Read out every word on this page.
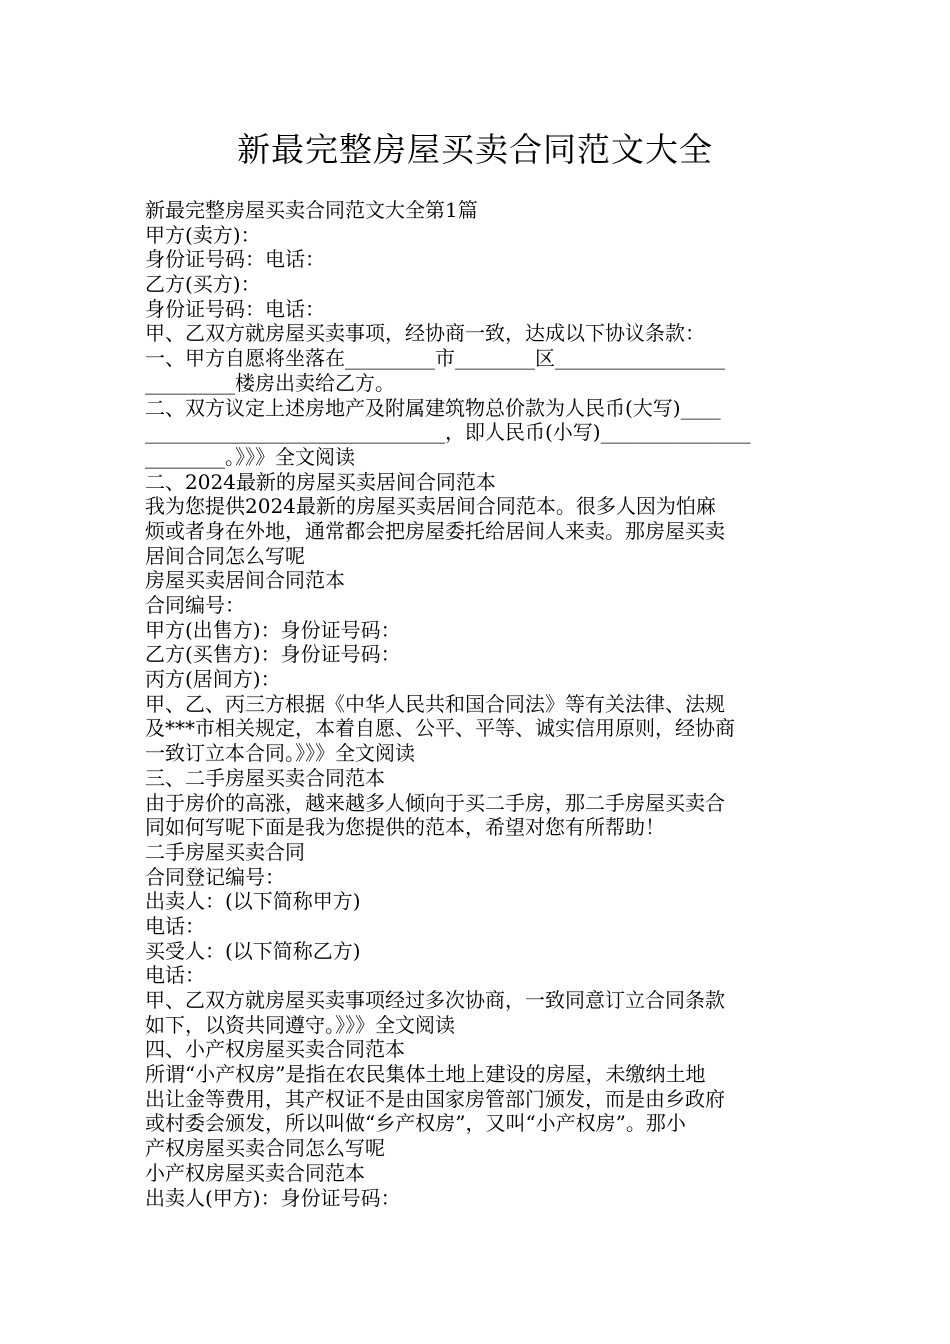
新最完整房屋买卖合同范文大全
新最完整房屋买卖合同范文大全第1篇
甲方(卖方)：
身份证号码：电话：
乙方(买方)：
身份证号码：电话：
甲、乙双方就房屋买卖事项，经协商一致，达成以下协议条款：
一、甲方自愿将坐落在_________市________区_________________
_________楼房出卖给乙方。
二、双方议定上述房地产及附属建筑物总价款为人民币(大写)____
______________________________，即人民币(小写)_______________
________。》》》全文阅读
二、2024最新的房屋买卖居间合同范本
我为您提供2024最新的房屋买卖居间合同范本。很多人因为怕麻
烦或者身在外地，通常都会把房屋委托给居间人来卖。那房屋买卖
居间合同怎么写呢
房屋买卖居间合同范本
合同编号：
甲方(出售方)：身份证号码：
乙方(买售方)：身份证号码：
丙方(居间方)：
甲、乙、丙三方根据《中华人民共和国合同法》等有关法律、法规
及***市相关规定，本着自愿、公平、平等、诚实信用原则，经协商
一致订立本合同。》》》全文阅读
三、二手房屋买卖合同范本
由于房价的高涨，越来越多人倾向于买二手房，那二手房屋买卖合
同如何写呢下面是我为您提供的范本，希望对您有所帮助！
二手房屋买卖合同
合同登记编号：
出卖人：(以下简称甲方)
电话：
买受人：(以下简称乙方)
电话：
甲、乙双方就房屋买卖事项经过多次协商，一致同意订立合同条款
如下，以资共同遵守。》》》全文阅读
四、小产权房屋买卖合同范本
所谓“小产权房”是指在农民集体土地上建设的房屋，未缴纳土地
出让金等费用，其产权证不是由国家房管部门颁发，而是由乡政府
或村委会颁发，所以叫做“乡产权房”，又叫“小产权房”。那小
产权房屋买卖合同怎么写呢
小产权房屋买卖合同范本
出卖人(甲方)：身份证号码：
